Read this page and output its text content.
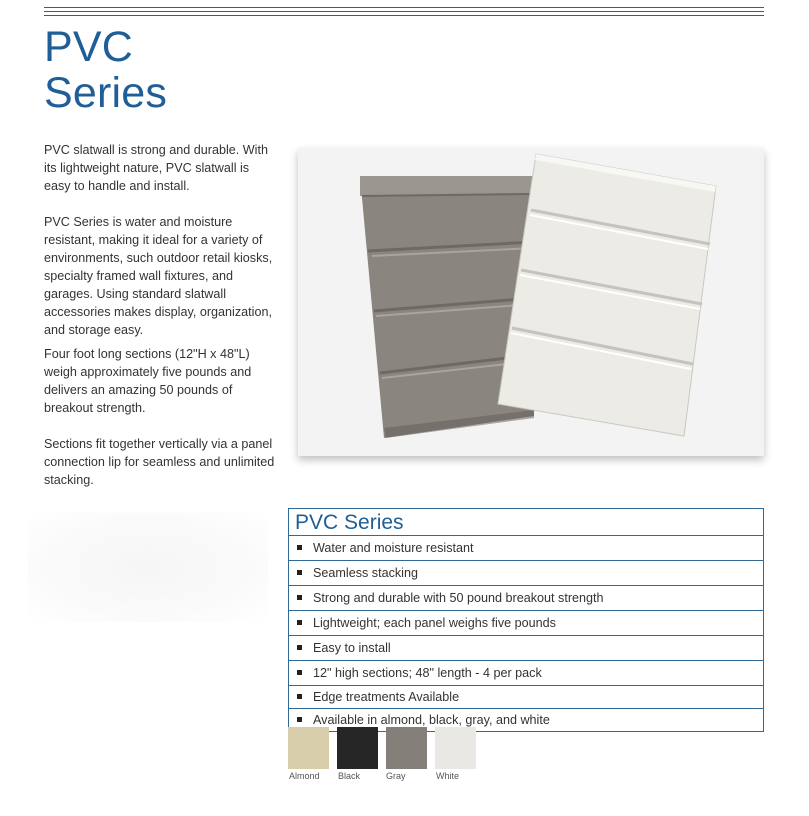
PVC
Series

PVC slatwall is strong and durable. With its lightweight nature, PVC slatwall is easy to handle and install.

PVC Series is water and moisture resistant, making it ideal for a variety of environments, such outdoor retail kiosks, specialty framed wall fixtures, and garages. Using standard slatwall accessories makes display, organization, and storage easy.

Four foot long sections (12"H x 48"L) weigh approximately five pounds and delivers an amazing 50 pounds of breakout strength.

Sections fit together vertically via a panel connection lip for seamless and unlimited stacking.

PVC Series
Water and moisture resistant
Seamless stacking
Strong and durable with 50 pound breakout strength
Lightweight; each panel weighs five pounds
Easy to install
12" high sections; 48" length - 4 per pack
Edge treatments Available
Available in almond, black, gray, and white
Almond Black	Gray	White
